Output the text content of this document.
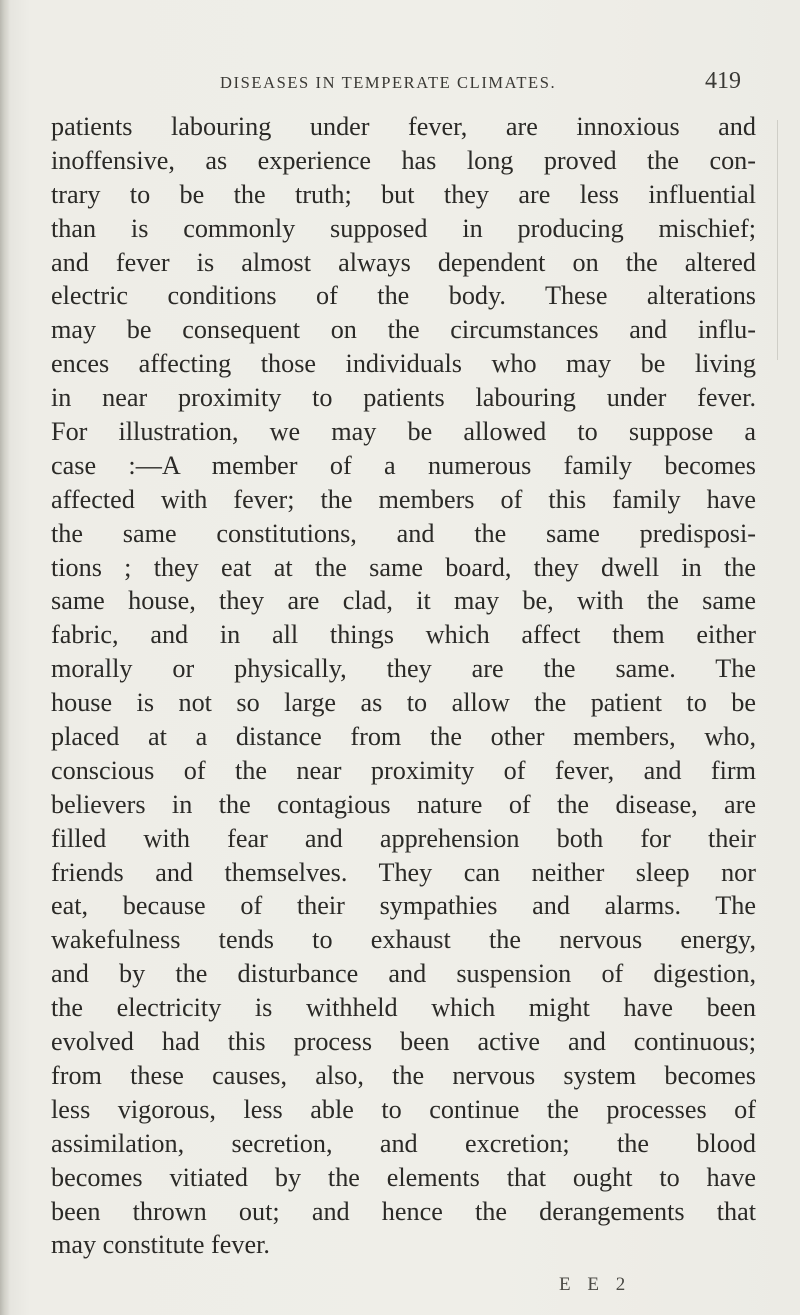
DISEASES IN TEMPERATE CLIMATES.	419
patients labouring under fever, are innoxious and
inoffensive, as experience has long proved the con-
trary to be the truth; but they are less influential
than is commonly supposed in producing mischief;
and fever is almost always dependent on the altered
electric conditions of the body. These alterations
may be consequent on the circumstances and influ-
ences affecting those individuals who may be living
in near proximity to patients labouring under fever.
For illustration, we may be allowed to suppose a
case :—A member of a numerous family becomes
affected with fever; the members of this family have
the same constitutions, and the same predisposi-
tions ; they eat at the same board, they dwell in the
same house, they are clad, it may be, with the same
fabric, and in all things which affect them either
morally or physically, they are the same. The
house is not so large as to allow the patient to be
placed at a distance from the other members, who,
conscious of the near proximity of fever, and firm
believers in the contagious nature of the disease, are
filled with fear and apprehension both for their
friends and themselves. They can neither sleep nor
eat, because of their sympathies and alarms. The
wakefulness tends to exhaust the nervous energy,
and by the disturbance and suspension of digestion,
the electricity is withheld which might have been
evolved had this process been active and continuous;
from these causes, also, the nervous system becomes
less vigorous, less able to continue the processes of
assimilation, secretion, and excretion; the blood
becomes vitiated by the elements that ought to have
been thrown out; and hence the derangements that
may constitute fever.
E E 2
